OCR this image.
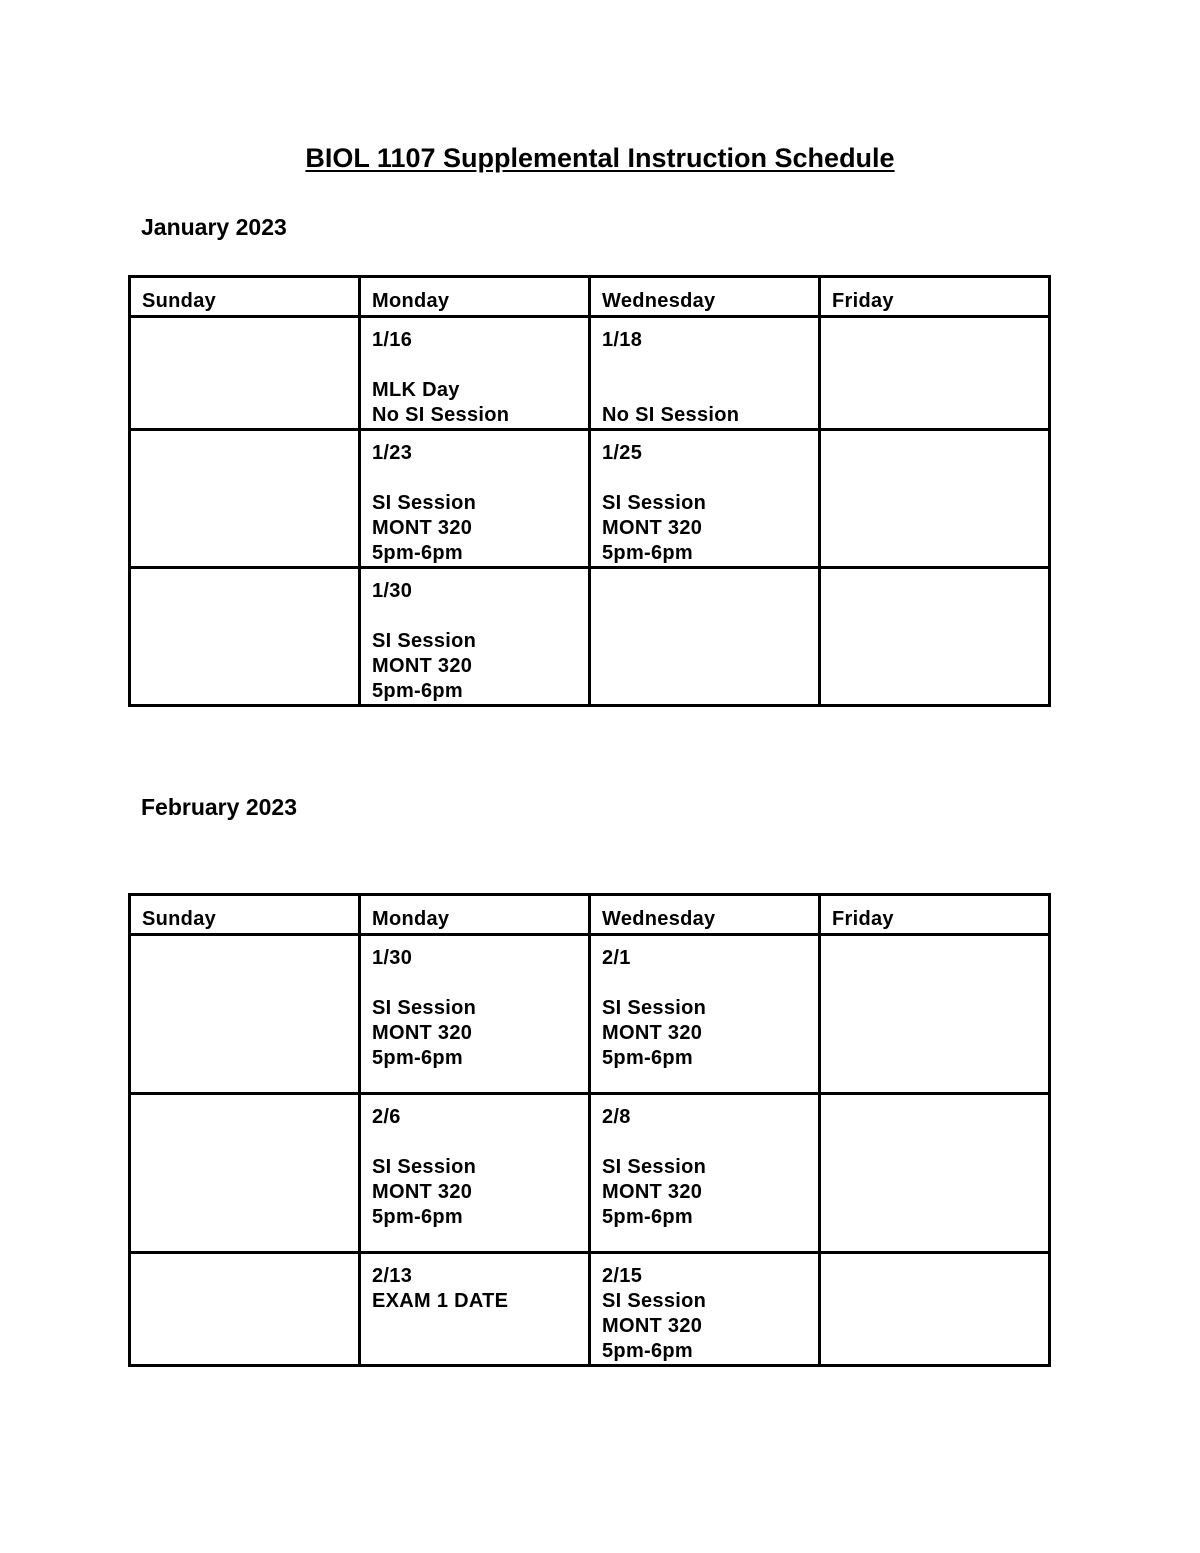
BIOL 1107 Supplemental Instruction Schedule
January 2023
Sunday	Monday	Wednesday	Friday

	1/16
MLK Day
No SI Session	1/18
No SI Session	

	1/23
SI Session
MONT 320
5pm-6pm	1/25
SI Session
MONT 320
5pm-6pm	

	1/30
SI Session
MONT 320
5pm-6pm		

February 2023
Sunday	Monday	Wednesday	Friday

	1/30
SI Session
MONT 320
5pm-6pm	2/1
SI Session
MONT 320
5pm-6pm	

	2/6
SI Session
MONT 320
5pm-6pm	2/8
SI Session
MONT 320
5pm-6pm	

	2/13
EXAM 1 DATE	2/15
SI Session
MONT 320
5pm-6pm	
